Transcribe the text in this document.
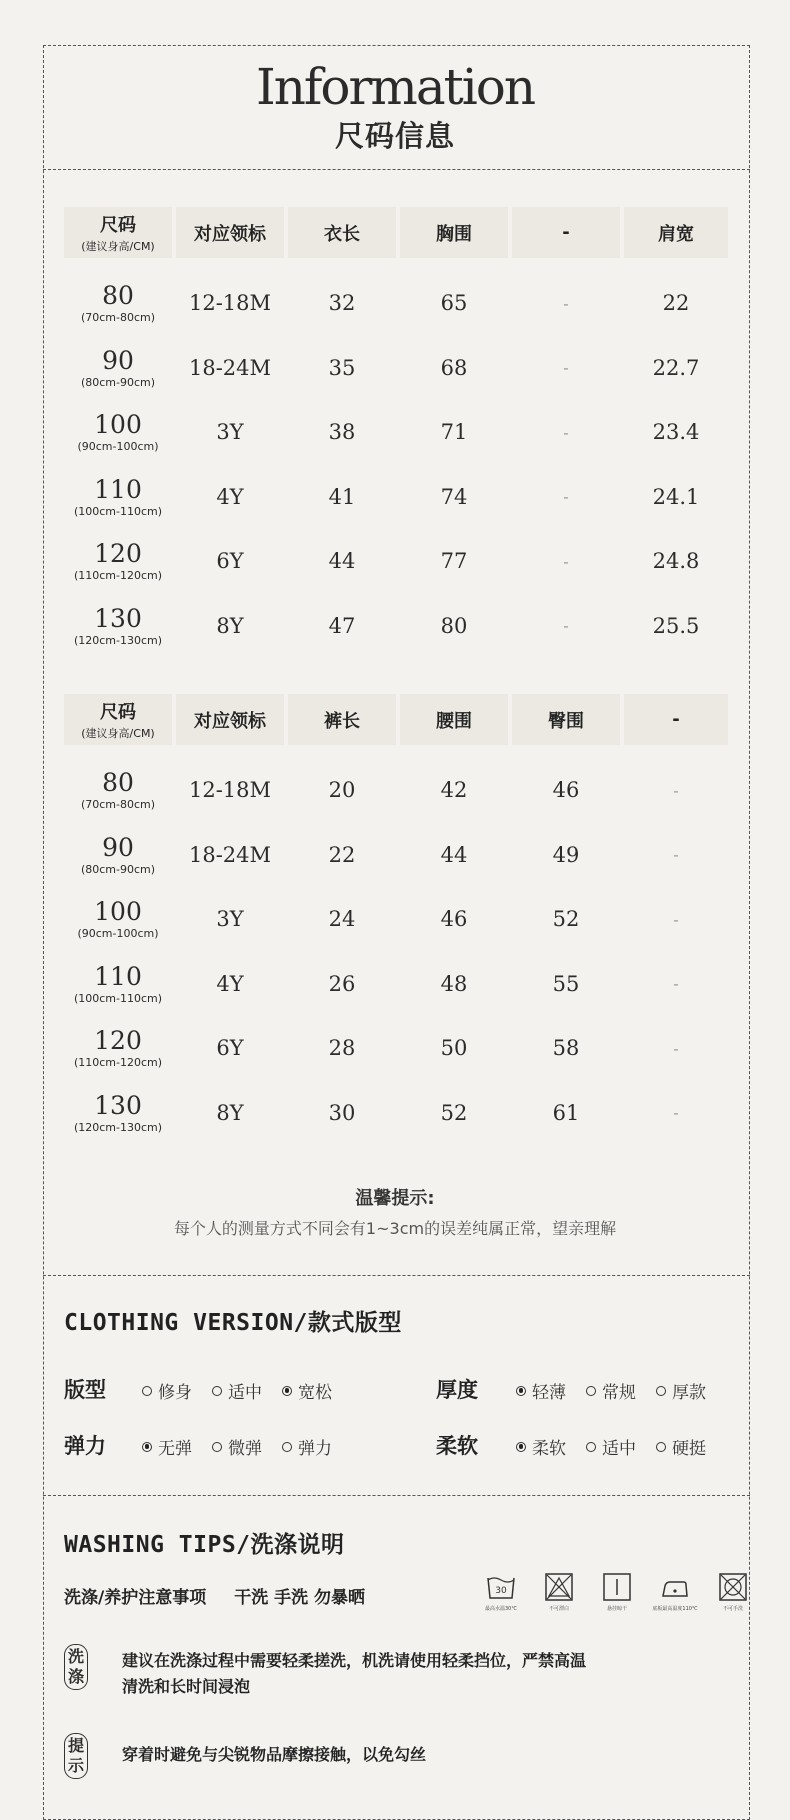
Information
尺码信息
尺码
(建议身高/CM)
对应领标	衣长	胸围	-	肩宽
80
(70cm-80cm)
12-18M	32	65	-	22
90
(80cm-90cm)
18-24M	35	68	-	22.7
100
(90cm-100cm)
3Y	38	71	-	23.4
110
(100cm-110cm)
4Y	41	74	-	24.1
120
(110cm-120cm)
6Y	44	77	-	24.8
130
(120cm-130cm)
8Y	47	80	-	25.5
尺码
(建议身高/CM)
对应领标	裤长	腰围	臀围	-
80
(70cm-80cm)
12-18M	20	42	46	-
90
(80cm-90cm)
18-24M	22	44	49	-
100
(90cm-100cm)
3Y	24	46	52	-
110
(100cm-110cm)
4Y	26	48	55	-
120
(110cm-120cm)
6Y	28	50	58	-
130
(120cm-130cm)
8Y	30	52	61	-
温馨提示:
每个人的测量方式不同会有1~3cm的误差纯属正常，望亲理解
CLOTHING VERSION/款式版型
版型	修身 适中 宽松	厚度	轻薄 常规 厚款
弹力	无弹 微弹 弹力	柔软	柔软 适中 硬挺
WASHING TIPS/洗涤说明
洗涤/养护注意事项 干洗 手洗 勿暴晒	30
最高水温30℃	不可漂白	悬挂晾干	底板最高温度110℃	不可手洗
洗涤
建议在洗涤过程中需要轻柔搓洗，机洗请使用轻柔挡位，严禁高温
清洗和长时间浸泡
提示
穿着时避免与尖锐物品摩擦接触，以免勾丝
